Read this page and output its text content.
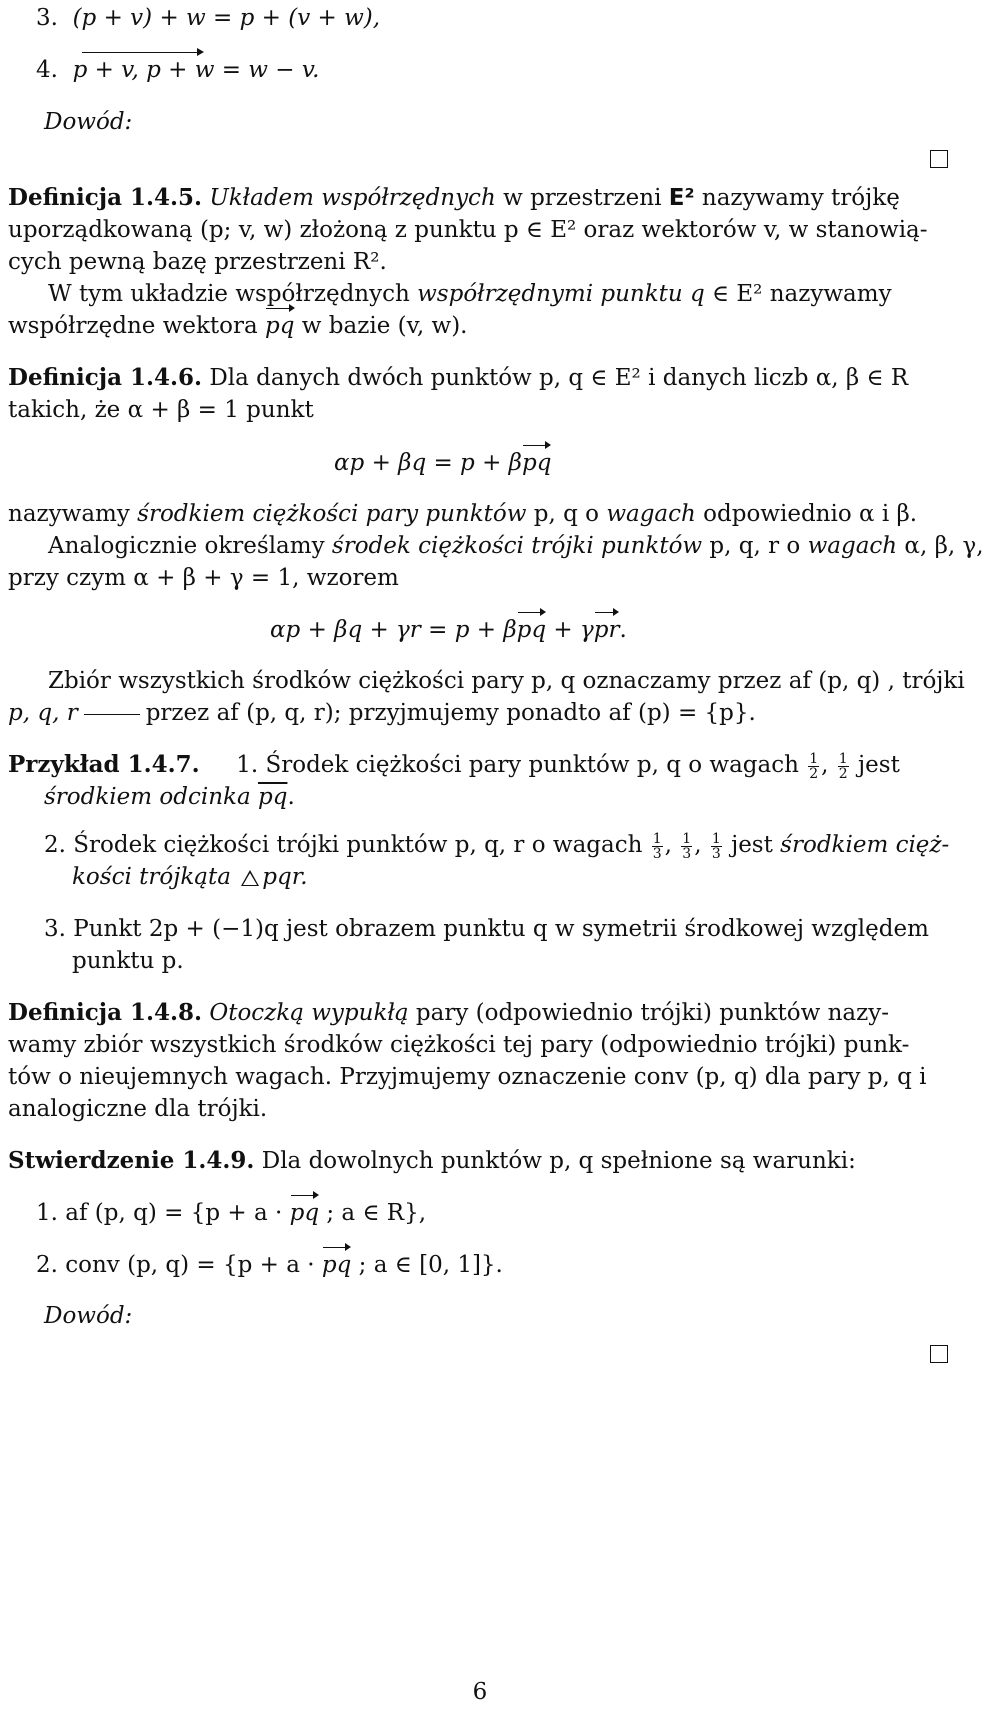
3. (p + v) + w = p + (v + w),
4. p + v, p + w = w − v.
Dowód:
Definicja 1.4.5. Układem współrzędnych w przestrzeni E² nazywamy trójkę
uporządkowaną (p; v, w) złożoną z punktu p ∈ E² oraz wektorów v, w stanowią-
cych pewną bazę przestrzeni R².
W tym układzie współrzędnych współrzędnymi punktu q ∈ E² nazywamy
współrzędne wektora pq w bazie (v, w).
Definicja 1.4.6. Dla danych dwóch punktów p, q ∈ E² i danych liczb α, β ∈ R
takich, że α + β = 1 punkt
αp + βq = p + βpq
nazywamy środkiem ciężkości pary punktów p, q o wagach odpowiednio α i β.
Analogicznie określamy środek ciężkości trójki punktów p, q, r o wagach α, β, γ,
przy czym α + β + γ = 1, wzorem
αp + βq + γr = p + βpq + γpr.
Zbiór wszystkich środków ciężkości pary p, q oznaczamy przez af (p, q) , trójki
p, q, r	przez af (p, q, r); przyjmujemy ponadto af (p) = {p}.
Przykład 1.4.7. 1. Środek ciężkości pary punktów p, q o wagach $\frac{1}{2}$ , $\frac{1}{2}$ jest
środkiem odcinka $\overline{pq}$.
2. Środek ciężkości trójki punktów p, q, r o wagach $\frac{1}{3}$ , $\frac{1}{3}$ , $\frac{1}{3}$ jest środkiem cięż-
kości trójkąta pqr.
3. Punkt 2p + (−1)q jest obrazem punktu q w symetrii środkowej względem
punktu p.
Definicja 1.4.8. Otoczką wypukłą pary (odpowiednio trójki) punktów nazy-
wamy zbiór wszystkich środków ciężkości tej pary (odpowiednio trójki) punk-
tów o nieujemnych wagach. Przyjmujemy oznaczenie conv (p, q) dla pary p, q i
analogiczne dla trójki.
Stwierdzenie 1.4.9. Dla dowolnych punktów p, q spełnione są warunki:
1. af (p, q) = {p + a · pq ; a ∈ R},
2. conv (p, q) = {p + a · pq ; a ∈ [0, 1]}.
Dowód:
6
